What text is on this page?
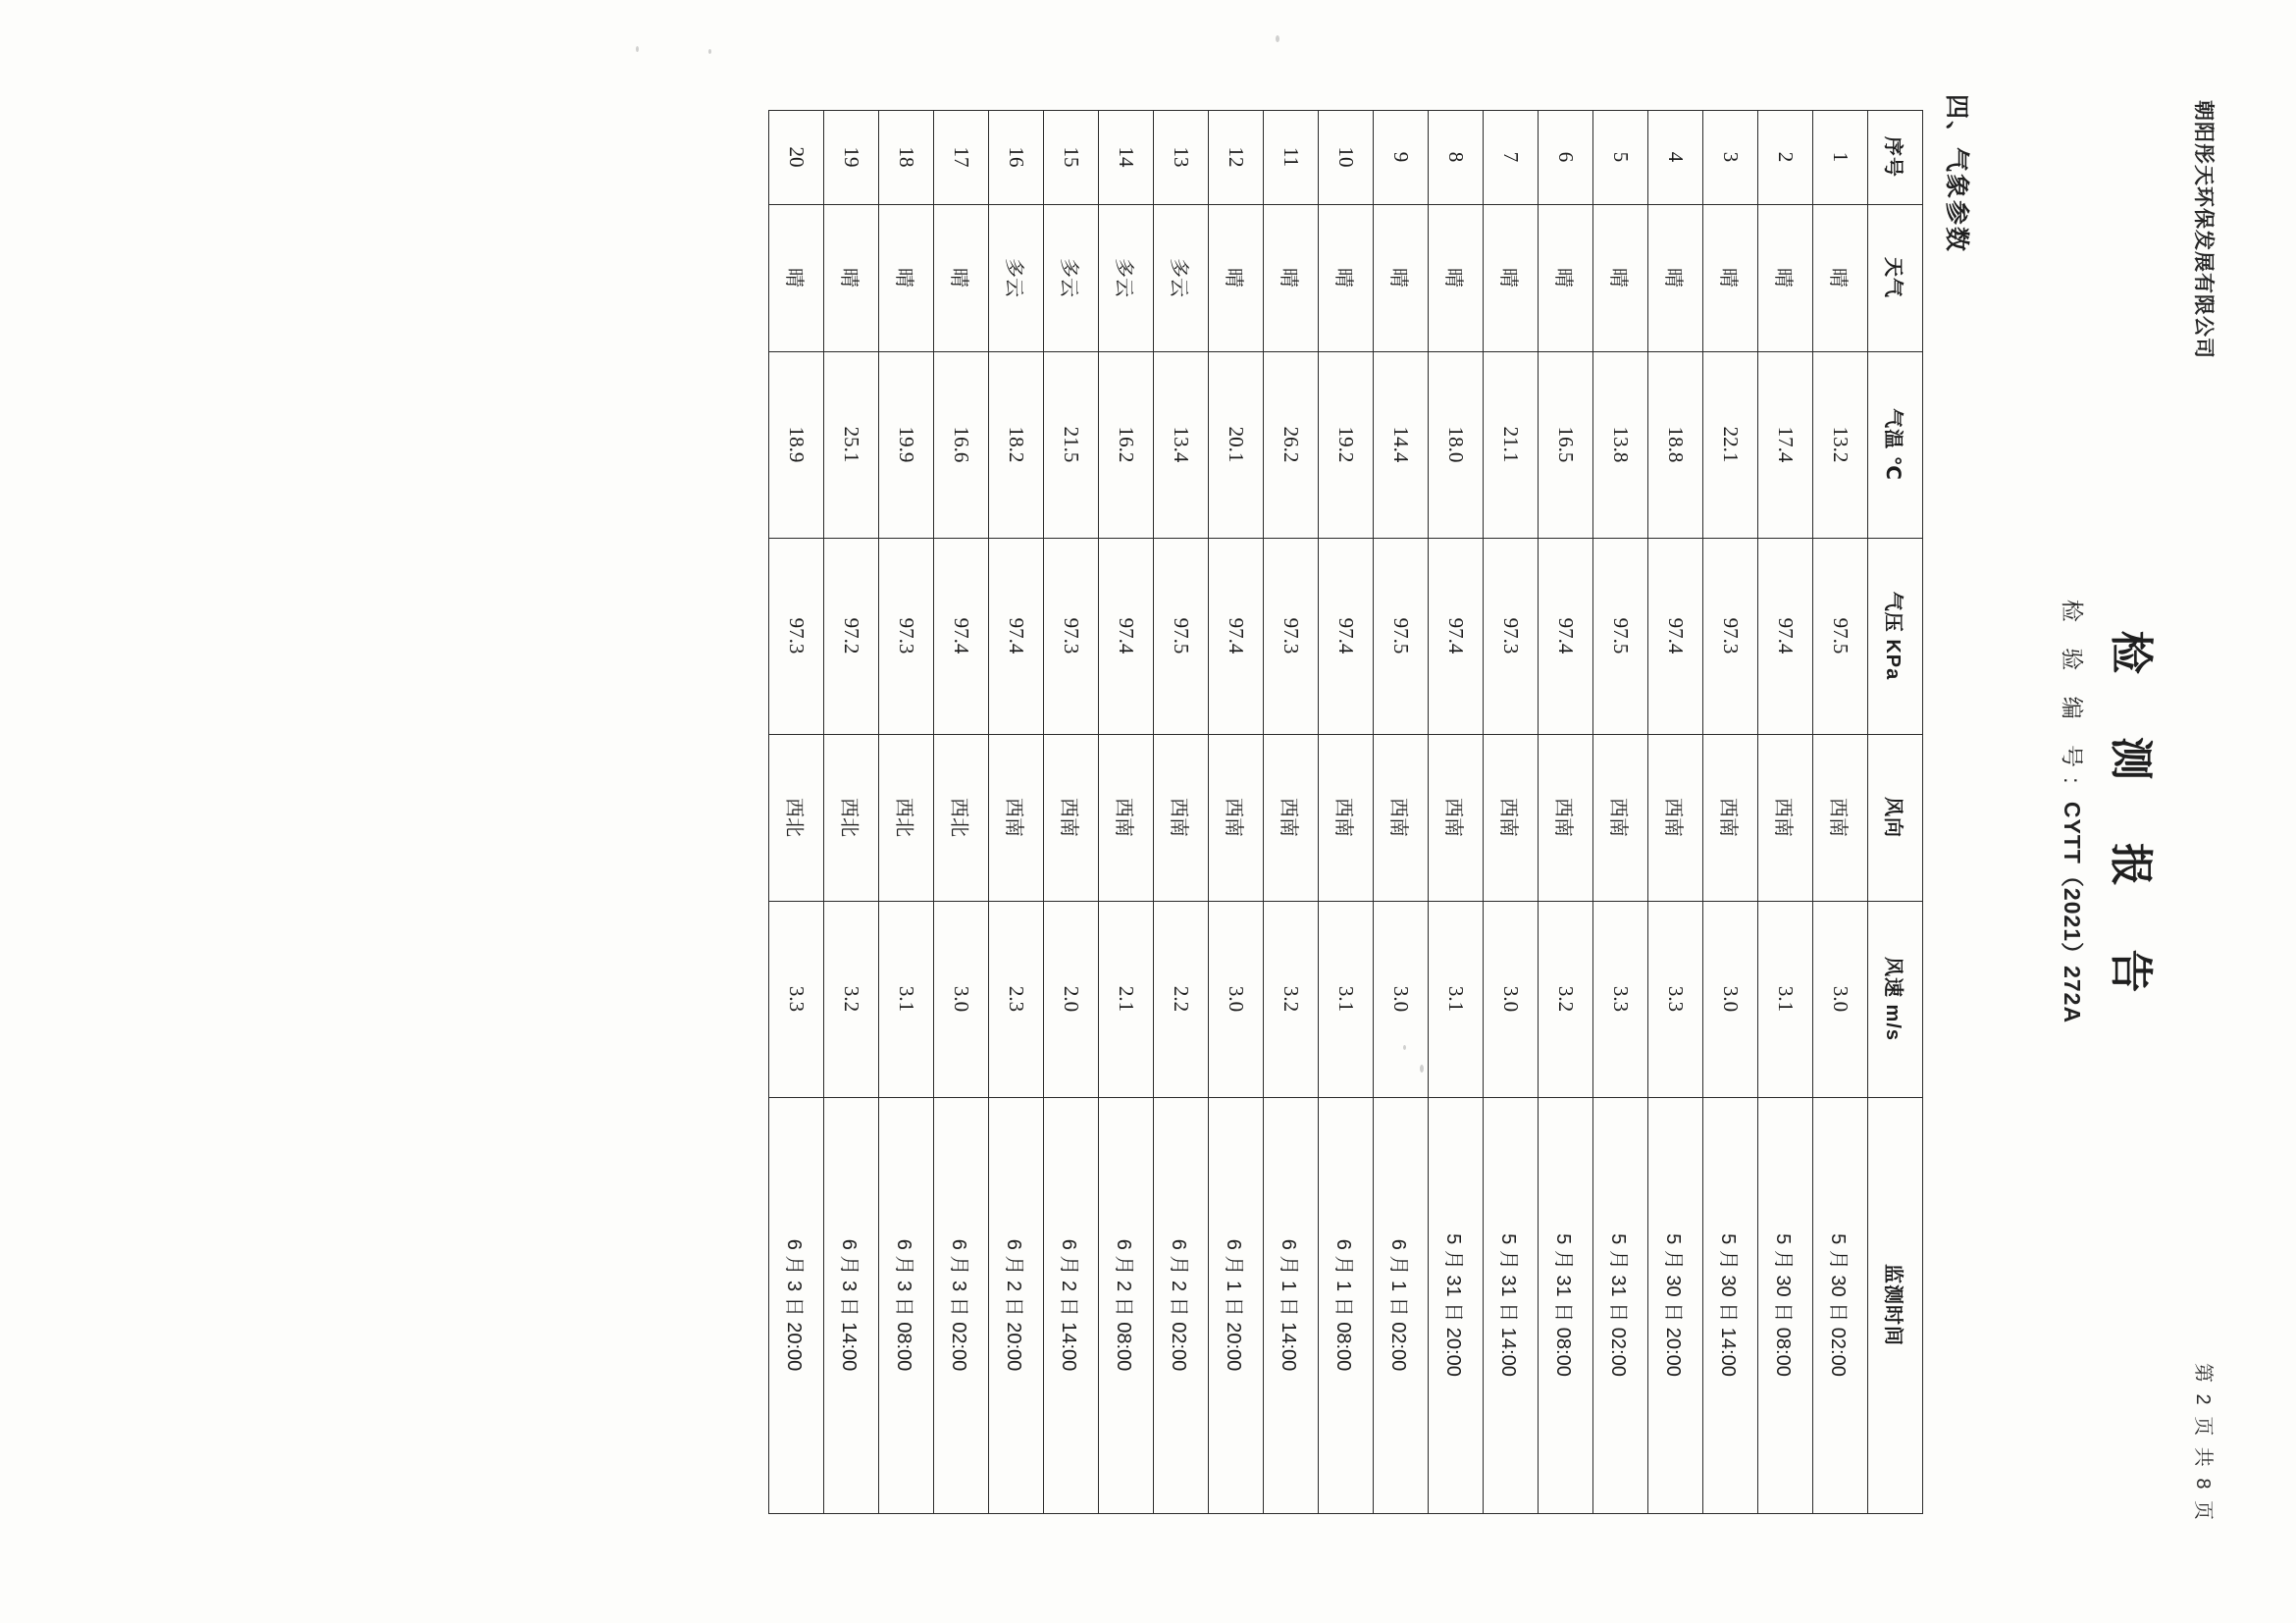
朝阳彤天环保发展有限公司
第 2 页 共 8 页
检 测 报 告
检 验 编 号: CYTT（2021）272A
四、气象参数
序号	天气	气温 ℃	气压 KPa	风向	风速 m/s	监测时间
1	晴	13.2	97.5	西南	3.0	5 月 30 日 02:00
2	晴	17.4	97.4	西南	3.1	5 月 30 日 08:00
3	晴	22.1	97.3	西南	3.0	5 月 30 日 14:00
4	晴	18.8	97.4	西南	3.3	5 月 30 日 20:00
5	晴	13.8	97.5	西南	3.3	5 月 31 日 02:00
6	晴	16.5	97.4	西南	3.2	5 月 31 日 08:00
7	晴	21.1	97.3	西南	3.0	5 月 31 日 14:00
8	晴	18.0	97.4	西南	3.1	5 月 31 日 20:00
9	晴	14.4	97.5	西南	3.0	6 月 1 日 02:00
10	晴	19.2	97.4	西南	3.1	6 月 1 日 08:00
11	晴	26.2	97.3	西南	3.2	6 月 1 日 14:00
12	晴	20.1	97.4	西南	3.0	6 月 1 日 20:00
13	多云	13.4	97.5	西南	2.2	6 月 2 日 02:00
14	多云	16.2	97.4	西南	2.1	6 月 2 日 08:00
15	多云	21.5	97.3	西南	2.0	6 月 2 日 14:00
16	多云	18.2	97.4	西南	2.3	6 月 2 日 20:00
17	晴	16.6	97.4	西北	3.0	6 月 3 日 02:00
18	晴	19.9	97.3	西北	3.1	6 月 3 日 08:00
19	晴	25.1	97.2	西北	3.2	6 月 3 日 14:00
20	晴	18.9	97.3	西北	3.3	6 月 3 日 20:00
